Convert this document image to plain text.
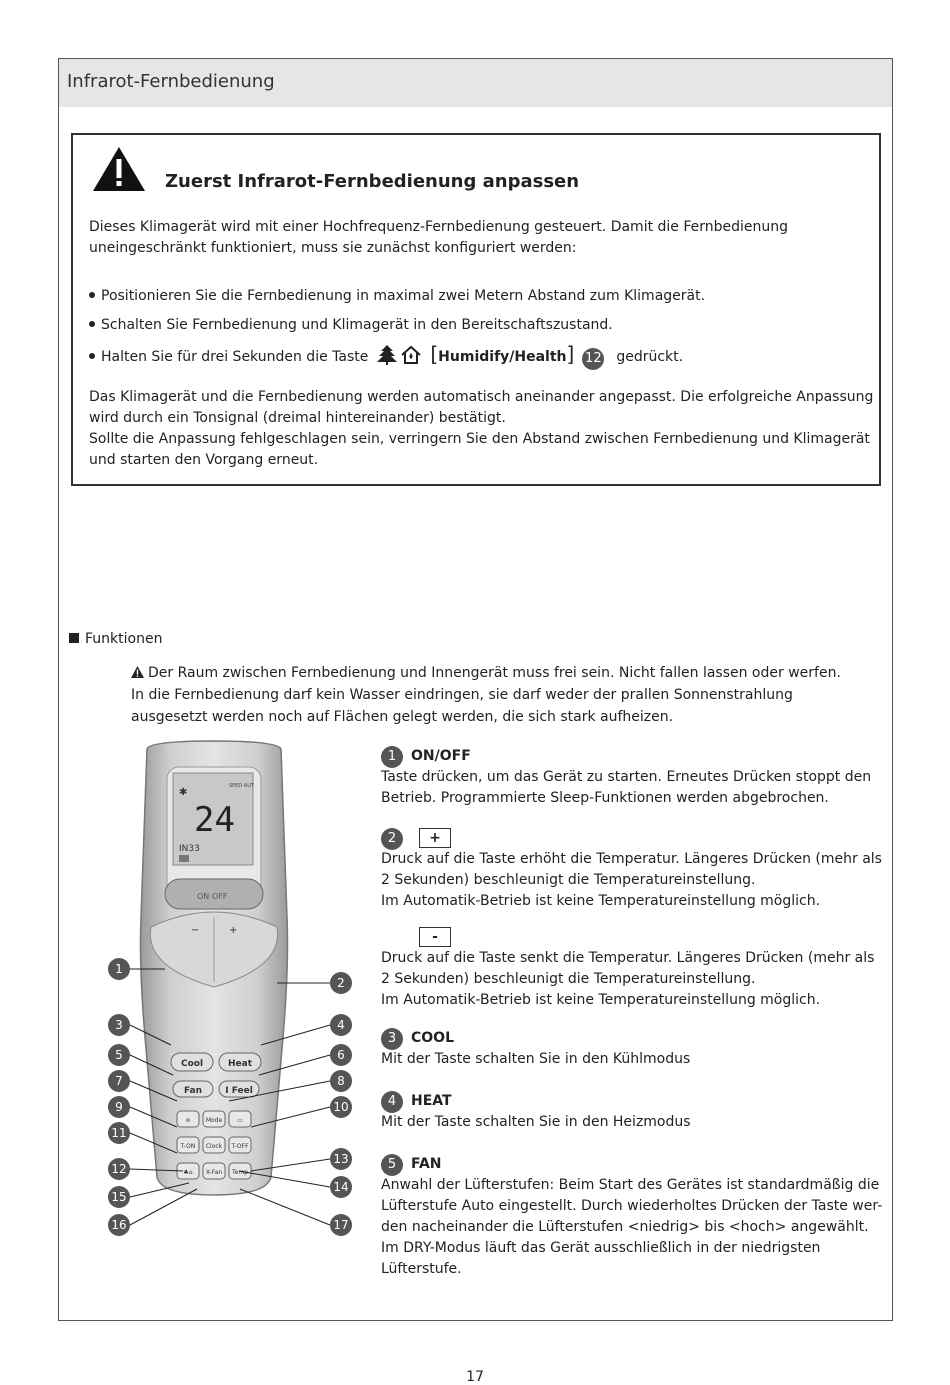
Infrarot-Fernbedienung
Zuerst Infrarot-Fernbedienung anpassen
Dieses Klimagerät wird mit einer Hochfrequenz-Fernbedienung gesteuert. Damit die Fernbedienung uneingeschränkt funktioniert, muss sie zunächst konfiguriert werden:
Positionieren Sie die Fernbedienung in maximal zwei Metern Abstand zum Klimagerät.
Schalten Sie Fernbedienung und Klimagerät in den Bereitschaftszustand.
Halten Sie für drei Sekunden die Taste	[Humidify/Health] 12 gedrückt.

Das Klimagerät und die Fernbedienung werden automatisch aneinander angepasst. Die erfolgreiche Anpassung wird durch ein Tonsignal (dreimal hintereinander) bestätigt.

Sollte die Anpassung fehlgeschlagen sein, verringern Sie den Abstand zwischen Fernbedienung und Klimagerät und starten den Vorgang erneut.

Funktionen
Der Raum zwischen Fernbedienung und Innengerät muss frei sein. Nicht fallen lassen oder werfen. In die Fernbedienung darf kein Wasser eindringen, sie darf weder der prallen Sonnenstrahlung ausgesetzt werden noch auf Flächen gelegt werden, die sich stark aufheizen.
SPED AUT
✱
24
IN33
ON OFF
−	+
Cool	Heat
Fan	I Feel
≋	Mode ▭
T-ON Clock T-OFF
♣⌂ X-Fan Temp
1
2
3	4
5	6
7	8
9	10
11
12
13
14
15
16	17
1 ON/OFF

Taste drücken, um das Gerät zu starten. Erneutes Drücken stoppt den Betrieb. Programmierte Sleep-Funktionen werden abgebrochen.

2 +

Druck auf die Taste erhöht die Temperatur. Längeres Drücken (mehr als 2 Sekunden) beschleunigt die Temperatureinstellung.

Im Automatik-Betrieb ist keine Temperatureinstellung möglich.

-

Druck auf die Taste senkt die Temperatur. Längeres Drücken (mehr als 2 Sekunden) beschleunigt die Temperatureinstellung.

Im Automatik-Betrieb ist keine Temperatureinstellung möglich.

3 COOL

Mit der Taste schalten Sie in den Kühlmodus

4 HEAT

Mit der Taste schalten Sie in den Heizmodus

5 FAN

Anwahl der Lüfterstufen: Beim Start des Gerätes ist standardmäßig die Lüfterstufe Auto eingestellt. Durch wiederholtes Drücken der Taste wer-den nacheinander die Lüfterstufen <niedrig> bis <hoch> angewählt. Im DRY-Modus läuft das Gerät ausschließlich in der niedrigsten Lüfterstufe.

17
